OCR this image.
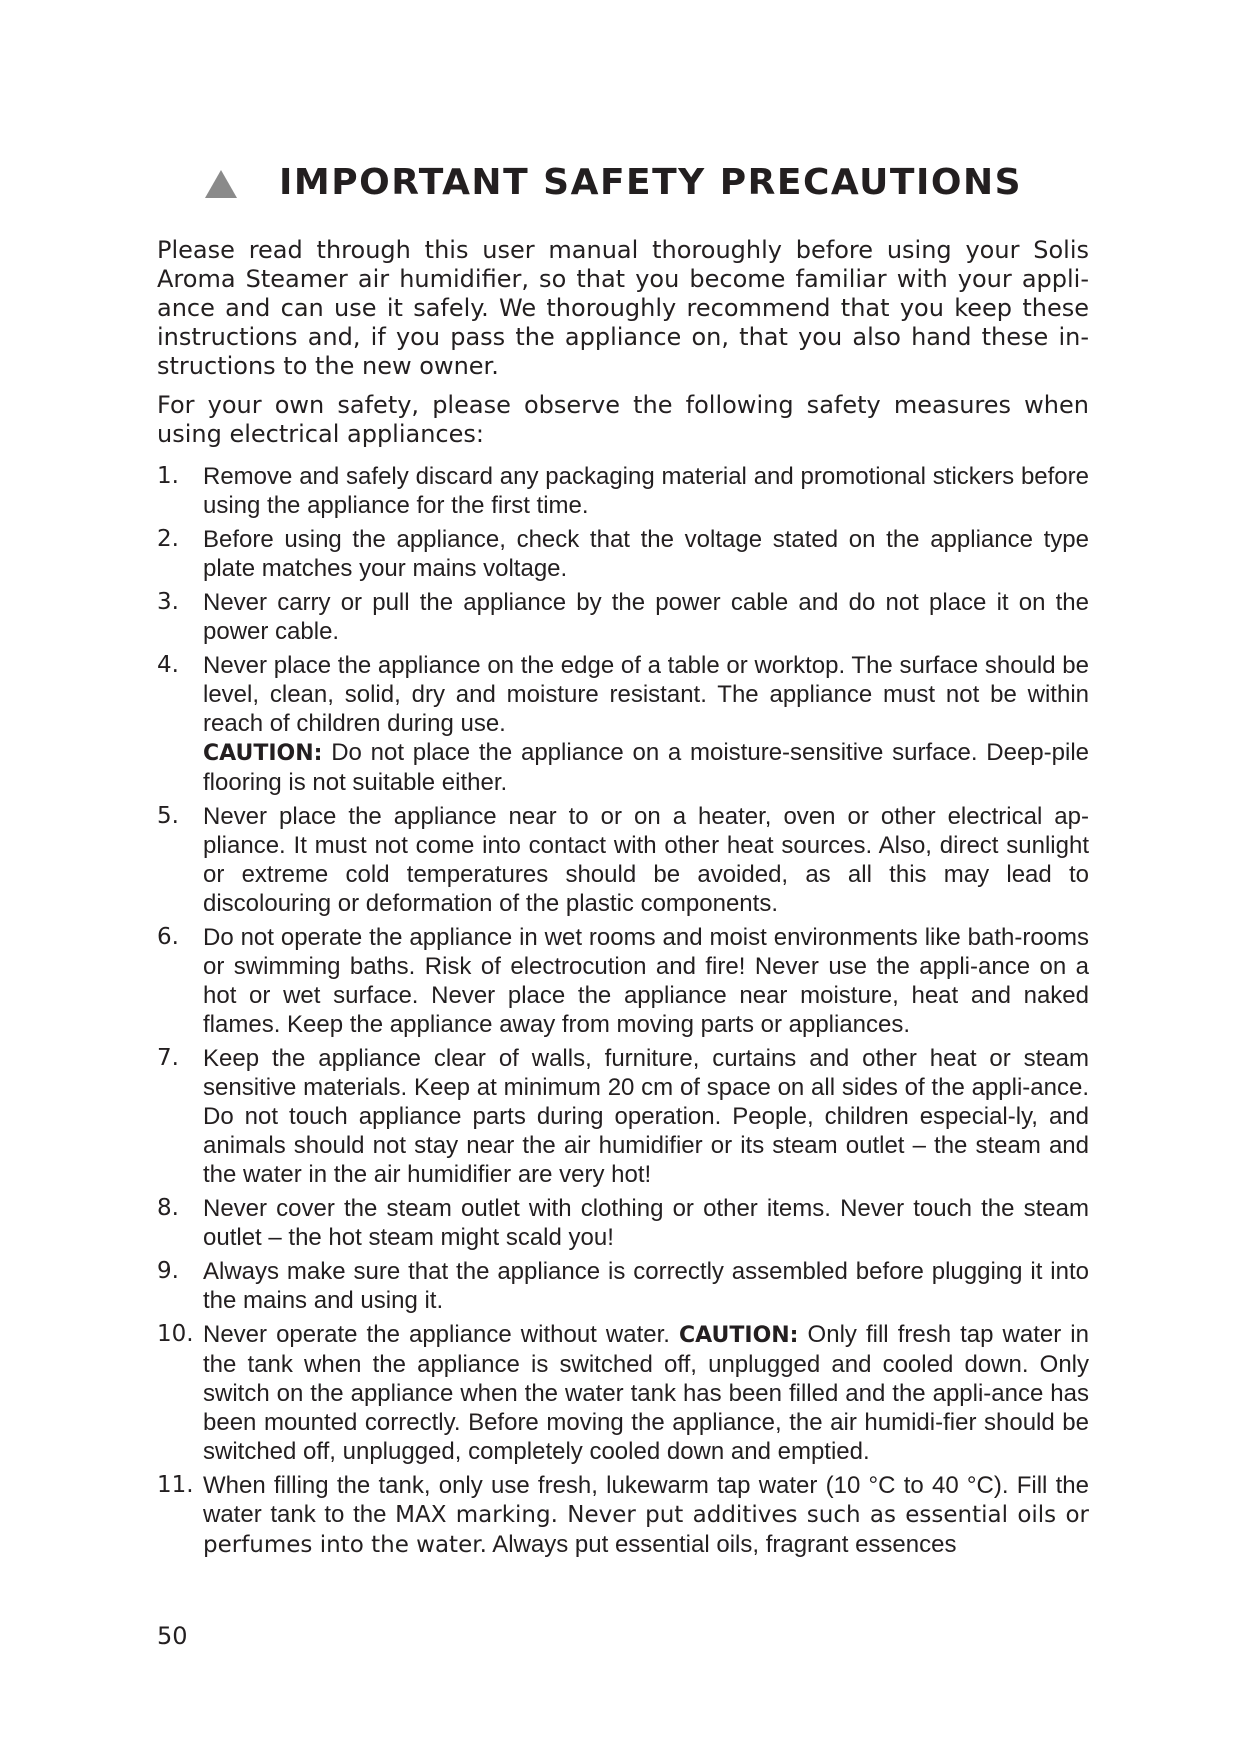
IMPORTANT SAFETY PRECAUTIONS

Please read through this user manual thoroughly before using your Solis Aroma Steamer air humidifier, so that you become familiar with your appli-ance and can use it safely. We thoroughly recommend that you keep these instructions and, if you pass the appliance on, that you also hand these in-structions to the new owner.

For your own safety, please observe the following safety measures when using electrical appliances:

1.	Remove and safely discard any packaging material and promotional stickers before using the appliance for the first time.
2.	Before using the appliance, check that the voltage stated on the appliance type plate matches your mains voltage.
3.	Never carry or pull the appliance by the power cable and do not place it on the power cable.
4.	Never place the appliance on the edge of a table or worktop. The surface should be level, clean, solid, dry and moisture resistant. The appliance must not be within reach of children during use.
CAUTION: Do not place the appliance on a moisture-sensitive surface. Deep-pile flooring is not suitable either.
5.	Never place the appliance near to or on a heater, oven or other electrical ap-pliance. It must not come into contact with other heat sources. Also, direct sunlight or extreme cold temperatures should be avoided, as all this may lead to discolouring or deformation of the plastic components.
6.	Do not operate the appliance in wet rooms and moist environments like bath-rooms or swimming baths. Risk of electrocution and fire! Never use the appli-ance on a hot or wet surface. Never place the appliance near moisture, heat and naked flames. Keep the appliance away from moving parts or appliances.
7.	Keep the appliance clear of walls, furniture, curtains and other heat or steam sensitive materials. Keep at minimum 20 cm of space on all sides of the appli-ance. Do not touch appliance parts during operation. People, children especial-ly, and animals should not stay near the air humidifier or its steam outlet – the steam and the water in the air humidifier are very hot!
8.	Never cover the steam outlet with clothing or other items. Never touch the steam outlet – the hot steam might scald you!
9.	Always make sure that the appliance is correctly assembled before plugging it into the mains and using it.
10. Never operate the appliance without water. CAUTION: Only fill fresh tap water in the tank when the appliance is switched off, unplugged and cooled down. Only switch on the appliance when the water tank has been filled and the appli-ance has been mounted correctly. Before moving the appliance, the air humidi-fier should be switched off, unplugged, completely cooled down and emptied.
11. When filling the tank, only use fresh, lukewarm tap water (10 °C to 40 °C). Fill the water tank to the MAX marking. Never put additives such as essential oils or perfumes into the water. Always put essential oils, fragrant essences
50
